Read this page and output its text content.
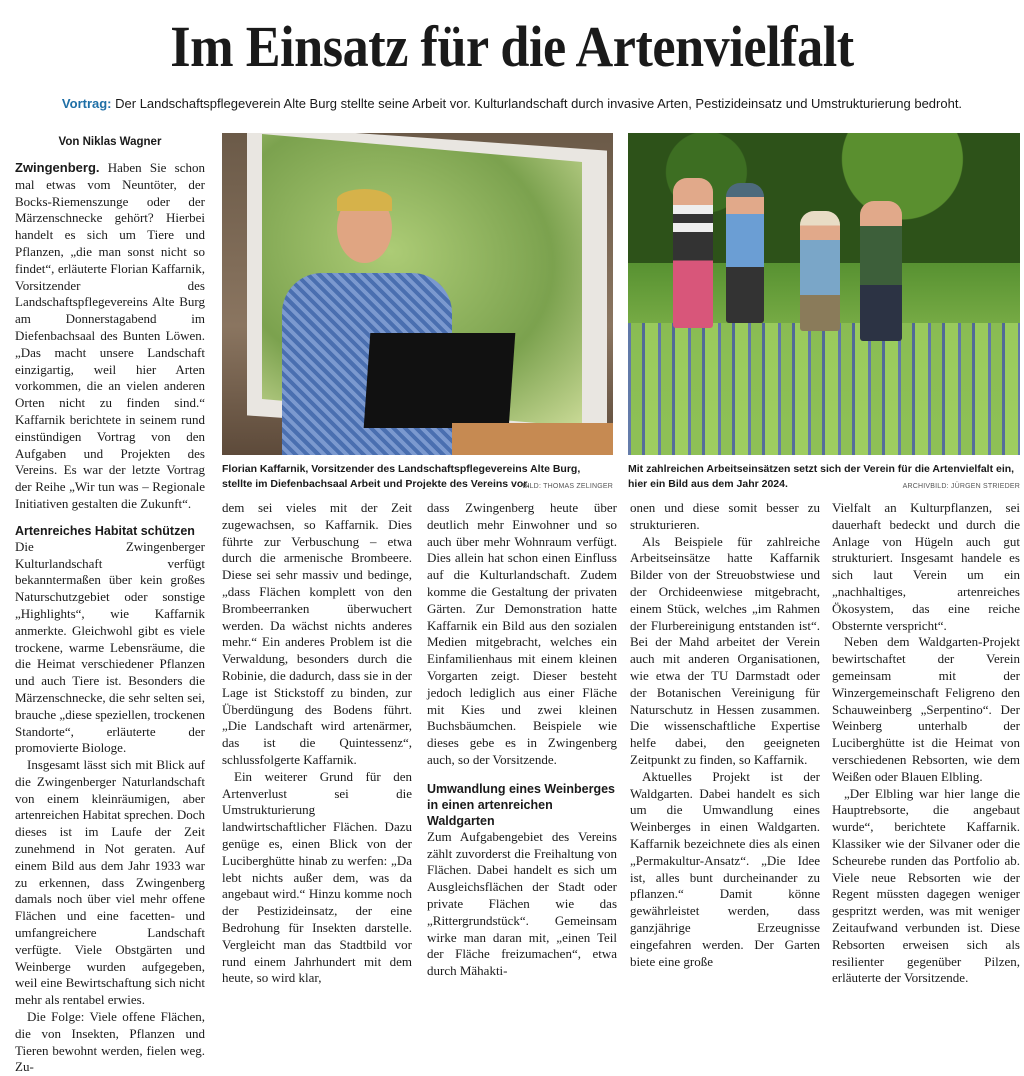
Im Einsatz für die Artenvielfalt
Vortrag: Der Landschaftspflegeverein Alte Burg stellte seine Arbeit vor. Kulturlandschaft durch invasive Arten, Pestizideinsatz und Umstrukturierung bedroht.
Von Niklas Wagner

Zwingenberg. Haben Sie schon mal etwas vom Neuntöter, der Bocks-Riemenszunge oder der Märzenschnecke gehört? Hierbei handelt es sich um Tiere und Pflanzen, „die man sonst nicht so findet“, erläuterte Florian Kaffarnik, Vorsitzender des Landschaftspflegevereins Alte Burg am Donnerstagabend im Diefenbachsaal des Bunten Löwen. „Das macht unsere Landschaft einzigartig, weil hier Arten vorkommen, die an vielen anderen Orten nicht zu finden sind.“ Kaffarnik berichtete in seinem rund einstündigen Vortrag von den Aufgaben und Projekten des Vereins. Es war der letzte Vortrag der Reihe „Wir tun was – Regionale Initiativen gestalten die Zukunft“.

Artenreiches Habitat schützen

Die Zwingenberger Kulturlandschaft verfügt bekanntermaßen über kein großes Naturschutzgebiet oder sonstige „Highlights“, wie Kaffarnik anmerkte. Gleichwohl gibt es viele trockene, warme Lebensräume, die die Heimat verschiedener Pflanzen und auch Tiere ist. Besonders die Märzenschnecke, die sehr selten sei, brauche „diese speziellen, trockenen Standorte“, erläuterte der promovierte Biologe.

Insgesamt lässt sich mit Blick auf die Zwingenberger Naturlandschaft von einem kleinräumigen, aber artenreichen Habitat sprechen. Doch dieses ist im Laufe der Zeit zunehmend in Not geraten. Auf einem Bild aus dem Jahr 1933 war zu erkennen, dass Zwingenberg damals noch über viel mehr offene Flächen und eine facetten- und umfangreichere Landschaft verfügte. Viele Obstgärten und Weinberge wurden aufgegeben, weil eine Bewirtschaftung sich nicht mehr als rentabel erwies.

Die Folge: Viele offene Flächen, die von Insekten, Pflanzen und Tieren bewohnt werden, fielen weg. Zu-

Florian Kaffarnik, Vorsitzender des Landschaftspflegevereins Alte Burg, stellte im Diefenbachsaal Arbeit und Projekte des Vereins vor.
BILD: THOMAS ZELINGER
Mit zahlreichen Arbeitseinsätzen setzt sich der Verein für die Artenvielfalt ein, hier ein Bild aus dem Jahr 2024.	ARCHIVBILD: JÜRGEN STRIEDER

dem sei vieles mit der Zeit zugewachsen, so Kaffarnik. Dies führte zur Verbuschung – etwa durch die armenische Brombeere. Diese sei sehr massiv und bedinge, „dass Flächen komplett von den Brombeerranken überwuchert werden. Da wächst nichts anderes mehr.“ Ein anderes Problem ist die Verwaldung, besonders durch die Robinie, die dadurch, dass sie in der Lage ist Stickstoff zu binden, zur Überdüngung des Bodens führt. „Die Landschaft wird artenärmer, das ist die Quintessenz“, schlussfolgerte Kaffarnik.

Ein weiterer Grund für den Artenverlust sei die Umstrukturierung landwirtschaftlicher Flächen. Dazu genüge es, einen Blick von der Luciberghütte hinab zu werfen: „Da lebt nichts außer dem, was da angebaut wird.“ Hinzu komme noch der Pestizideinsatz, der eine Bedrohung für Insekten darstelle. Vergleicht man das Stadtbild vor rund einem Jahrhundert mit dem heute, so wird klar,

dass Zwingenberg heute über deutlich mehr Einwohner und so auch über mehr Wohnraum verfügt. Dies allein hat schon einen Einfluss auf die Kulturlandschaft. Zudem komme die Gestaltung der privaten Gärten. Zur Demonstration hatte Kaffarnik ein Bild aus den sozialen Medien mitgebracht, welches ein Einfamilienhaus mit einem kleinen Vorgarten zeigt. Dieser besteht jedoch lediglich aus einer Fläche mit Kies und zwei kleinen Buchsbäumchen. Beispiele wie dieses gebe es in Zwingenberg auch, so der Vorsitzende.

Umwandlung eines Weinberges in einen artenreichen Waldgarten

Zum Aufgabengebiet des Vereins zählt zuvorderst die Freihaltung von Flächen. Dabei handelt es sich um Ausgleichsflächen der Stadt oder private Flächen wie das „Rittergrundstück“. Gemeinsam wirke man daran mit, „einen Teil der Fläche freizumachen“, etwa durch Mähakti-

onen und diese somit besser zu strukturieren.

Als Beispiele für zahlreiche Arbeitseinsätze hatte Kaffarnik Bilder von der Streuobstwiese und der Orchideenwiese mitgebracht, einem Stück, welches „im Rahmen der Flurbereinigung entstanden ist“. Bei der Mahd arbeitet der Verein auch mit anderen Organisationen, wie etwa der TU Darmstadt oder der Botanischen Vereinigung für Naturschutz in Hessen zusammen. Die wissenschaftliche Expertise helfe dabei, den geeigneten Zeitpunkt zu finden, so Kaffarnik.

Aktuelles Projekt ist der Waldgarten. Dabei handelt es sich um die Umwandlung eines Weinberges in einen Waldgarten. Kaffarnik bezeichnete dies als einen „Permakultur-Ansatz“. „Die Idee ist, alles bunt durcheinander zu pflanzen.“ Damit könne gewährleistet werden, dass ganzjährige Erzeugnisse eingefahren werden. Der Garten biete eine große

Vielfalt an Kulturpflanzen, sei dauerhaft bedeckt und durch die Anlage von Hügeln auch gut strukturiert. Insgesamt handele es sich laut Verein um ein „nachhaltiges, artenreiches Ökosystem, das eine reiche Obsternte verspricht“.

Neben dem Waldgarten-Projekt bewirtschaftet der Verein gemeinsam mit der Winzergemeinschaft Feligreno den Schauweinberg „Serpentino“. Der Weinberg unterhalb der Luciberghütte ist die Heimat von verschiedenen Rebsorten, wie dem Weißen oder Blauen Elbling.

„Der Elbling war hier lange die Hauptrebsorte, die angebaut wurde“, berichtete Kaffarnik. Klassiker wie der Silvaner oder die Scheurebe runden das Portfolio ab. Viele neue Rebsorten wie der Regent müssten dagegen weniger gespritzt werden, was mit weniger Zeitaufwand verbunden ist. Diese Rebsorten erweisen sich als resilienter gegenüber Pilzen, erläuterte der Vorsitzende.
